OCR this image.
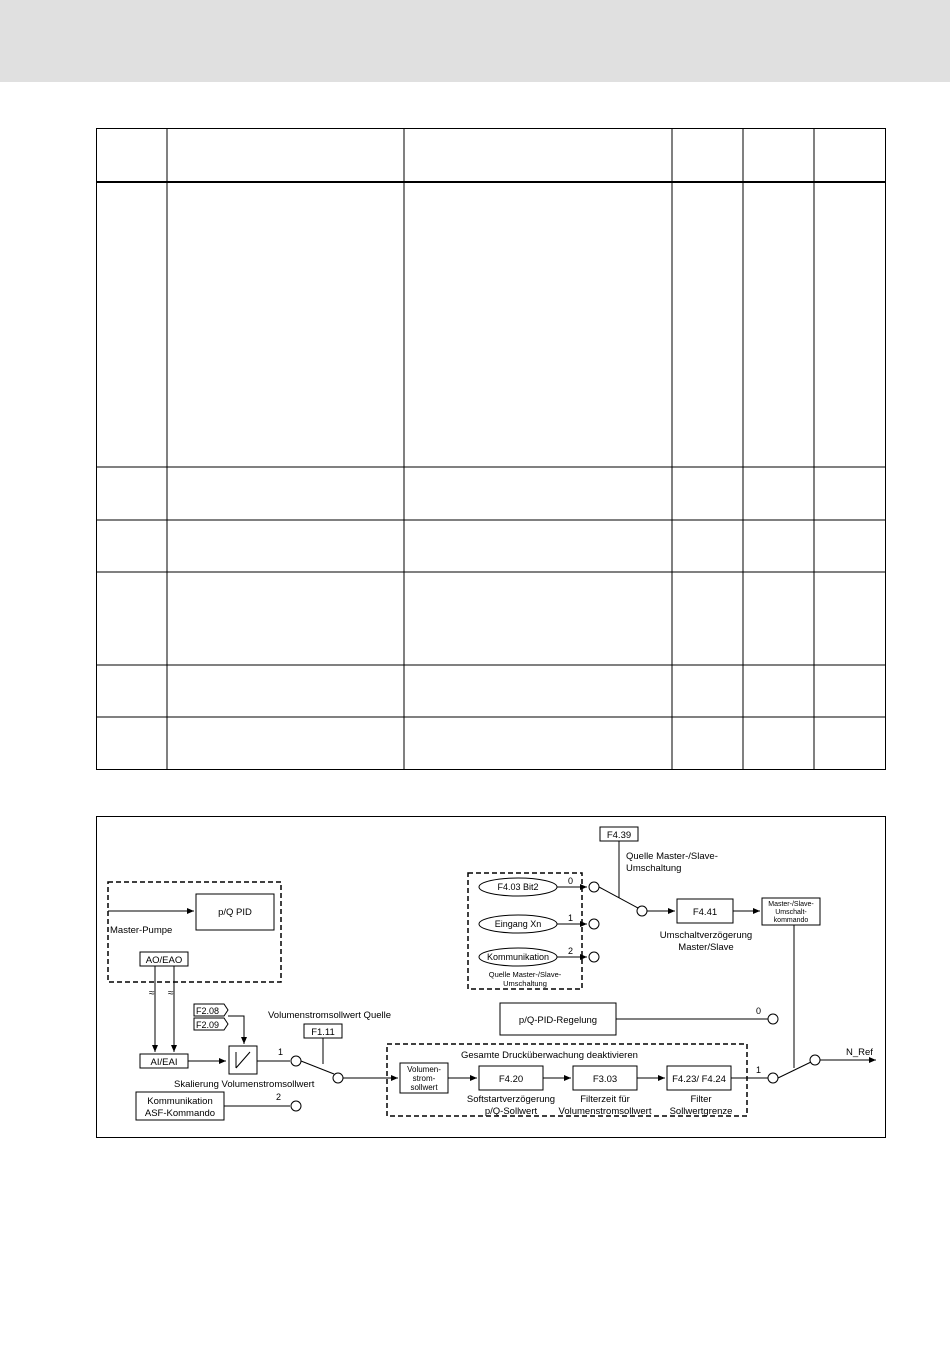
Master-Pumpe
p/Q PID
AO/EAO
≈ ≈
AI/EAI
F2.08
F2.09
Skalierung Volumenstromsollwert
1
Kommunikation
ASF-Kommando
2
Volumenstromsollwert Quelle
F1.11
Gesamte Drucküberwachung deaktivieren
Volumen-
strom-
sollwert
F4.20
Softstartverzögerung
p/Q-Sollwert
F3.03
Filterzeit für
Volumenstromsollwert
F4.23/ F4.24
Filter
Sollwertgrenze
1
p/Q-PID-Regelung
0
N_Ref
F4.03 Bit2
Eingang Xn
Kommunikation
0
1
2
Quelle Master-/Slave-
Umschaltung
F4.39
Quelle Master-/Slave-
Umschaltung
F4.41
Umschaltverzögerung
Master/Slave
Master-/Slave-
Umschalt-
kommando
